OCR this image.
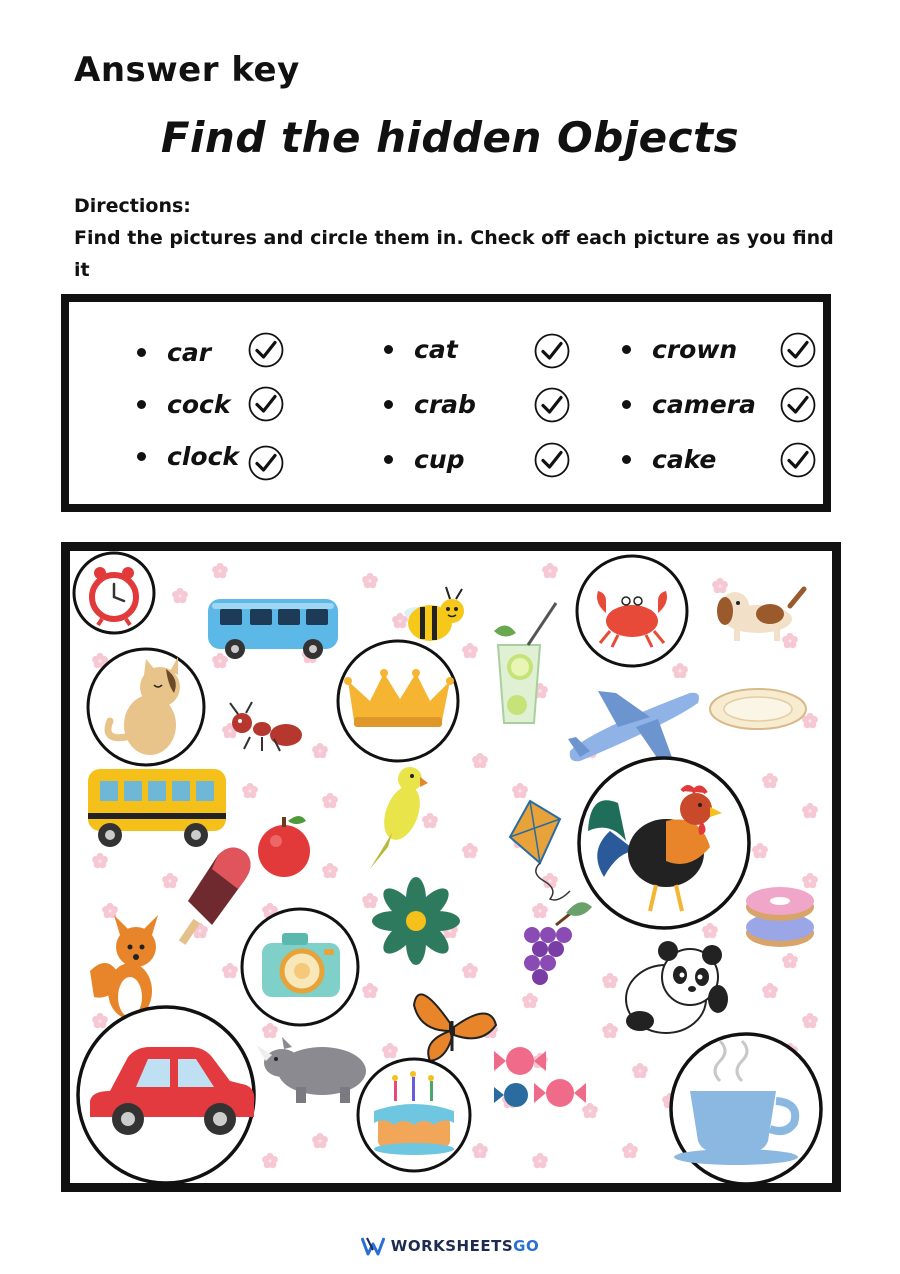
Answer key
Find the hidden Objects

Directions:

Find the pictures and circle them in. Check off each picture as you find it

car
cock
clock
cat
crab
cup
crown
camera
cake
WORKSHEETS GO
